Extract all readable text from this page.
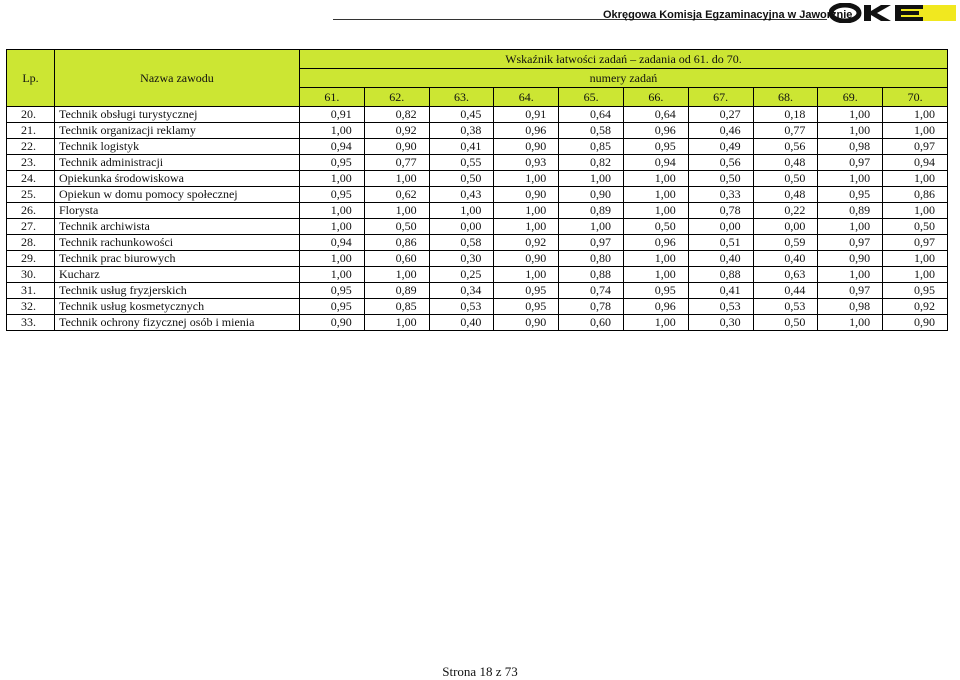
Okręgowa Komisja Egzaminacyjna w Jaworznie
Lp.	Nazwa zawodu	Wskaźnik łatwości zadań – zadania od 61. do 70.									
		numery zadań									
		61.	62.	63.	64.	65.	66.	67.	68.	69.	70.
20.	Technik obsługi turystycznej	0,91	0,82	0,45	0,91	0,64	0,64	0,27	0,18	1,00	1,00
21.	Technik organizacji reklamy	1,00	0,92	0,38	0,96	0,58	0,96	0,46	0,77	1,00	1,00
22.	Technik logistyk	0,94	0,90	0,41	0,90	0,85	0,95	0,49	0,56	0,98	0,97
23.	Technik administracji	0,95	0,77	0,55	0,93	0,82	0,94	0,56	0,48	0,97	0,94
24.	Opiekunka środowiskowa	1,00	1,00	0,50	1,00	1,00	1,00	0,50	0,50	1,00	1,00
25.	Opiekun w domu pomocy społecznej	0,95	0,62	0,43	0,90	0,90	1,00	0,33	0,48	0,95	0,86
26.	Florysta	1,00	1,00	1,00	1,00	0,89	1,00	0,78	0,22	0,89	1,00
27.	Technik archiwista	1,00	0,50	0,00	1,00	1,00	0,50	0,00	0,00	1,00	0,50
28.	Technik rachunkowości	0,94	0,86	0,58	0,92	0,97	0,96	0,51	0,59	0,97	0,97
29.	Technik prac biurowych	1,00	0,60	0,30	0,90	0,80	1,00	0,40	0,40	0,90	1,00
30.	Kucharz	1,00	1,00	0,25	1,00	0,88	1,00	0,88	0,63	1,00	1,00
31.	Technik usług fryzjerskich	0,95	0,89	0,34	0,95	0,74	0,95	0,41	0,44	0,97	0,95
32.	Technik usług kosmetycznych	0,95	0,85	0,53	0,95	0,78	0,96	0,53	0,53	0,98	0,92
33.	Technik ochrony fizycznej osób i mienia	0,90	1,00	0,40	0,90	0,60	1,00	0,30	0,50	1,00	0,90
Strona 18 z 73
